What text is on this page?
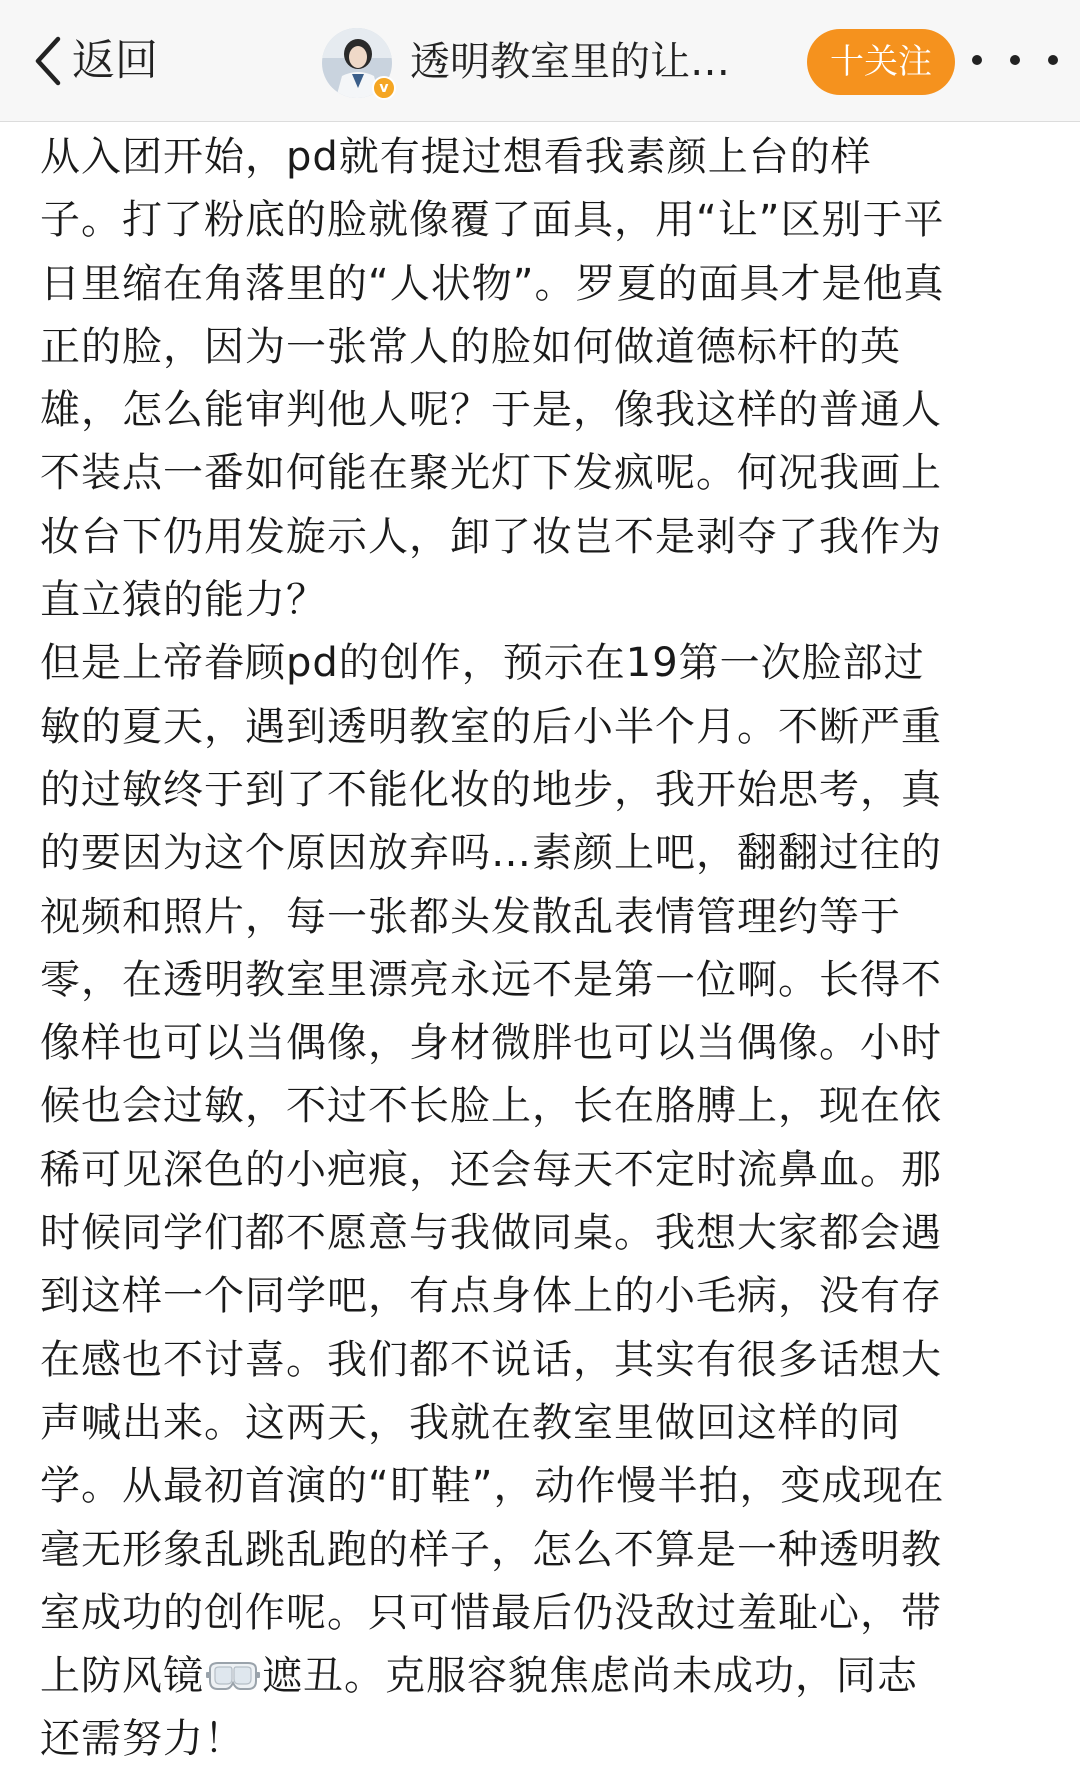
返回
v
透明教室里的让…	十关注
从入团开始，pd就有提过想看我素颜上台的样
子。打了粉底的脸就像覆了面具，用“让”区别于平
日里缩在角落里的“人状物”。罗夏的面具才是他真
正的脸，因为一张常人的脸如何做道德标杆的英
雄，怎么能审判他人呢？于是，像我这样的普通人
不装点一番如何能在聚光灯下发疯呢。何况我画上
妆台下仍用发旋示人，卸了妆岂不是剥夺了我作为
直立猿的能力？
但是上帝眷顾pd的创作，预示在19第一次脸部过
敏的夏天，遇到透明教室的后小半个月。不断严重
的过敏终于到了不能化妆的地步，我开始思考，真
的要因为这个原因放弃吗…素颜上吧，翻翻过往的
视频和照片，每一张都头发散乱表情管理约等于
零，在透明教室里漂亮永远不是第一位啊。长得不
像样也可以当偶像，身材微胖也可以当偶像。小时
候也会过敏，不过不长脸上，长在胳膊上，现在依
稀可见深色的小疤痕，还会每天不定时流鼻血。那
时候同学们都不愿意与我做同桌。我想大家都会遇
到这样一个同学吧，有点身体上的小毛病，没有存
在感也不讨喜。我们都不说话，其实有很多话想大
声喊出来。这两天，我就在教室里做回这样的同
学。从最初首演的“盯鞋”，动作慢半拍，变成现在
毫无形象乱跳乱跑的样子，怎么不算是一种透明教
室成功的创作呢。只可惜最后仍没敌过羞耻心，带
上防风镜 遮丑。克服容貌焦虑尚未成功，同志
还需努力！
